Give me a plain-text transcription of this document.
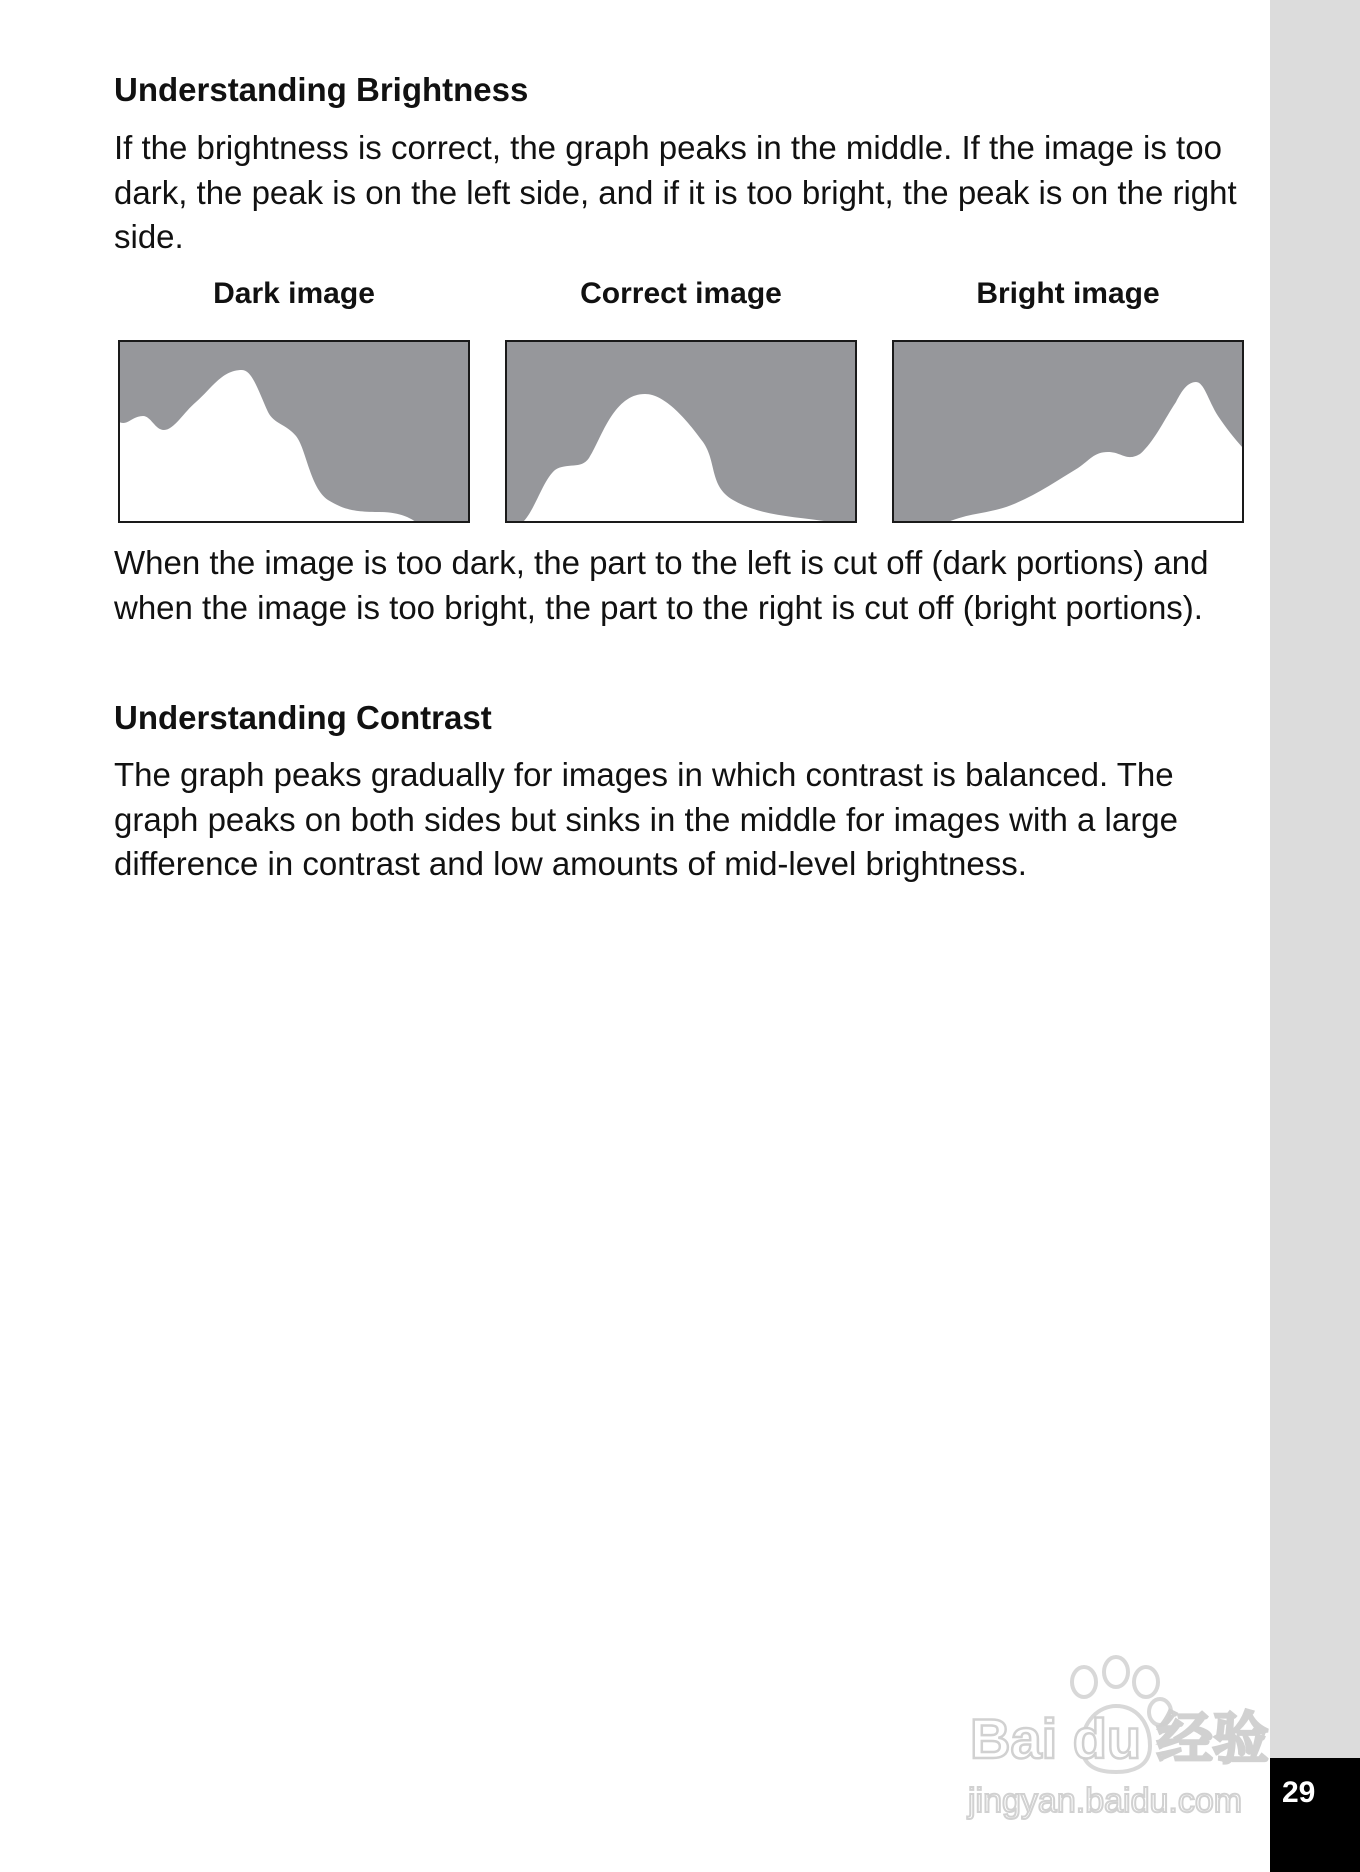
Understanding Brightness

If the brightness is correct, the graph peaks in the middle. If the image is too dark, the peak is on the left side, and if it is too bright, the peak is on the right side.

Dark image	Correct image	Bright image

When the image is too dark, the part to the left is cut off (dark portions) and when the image is too bright, the part to the right is cut off (bright portions).

Understanding Contrast

The graph peaks gradually for images in which contrast is balanced. The graph peaks on both sides but sinks in the middle for images with a large difference in contrast and low amounts of mid-level brightness.

Bai du 经验
jingyan.baidu.com 29
